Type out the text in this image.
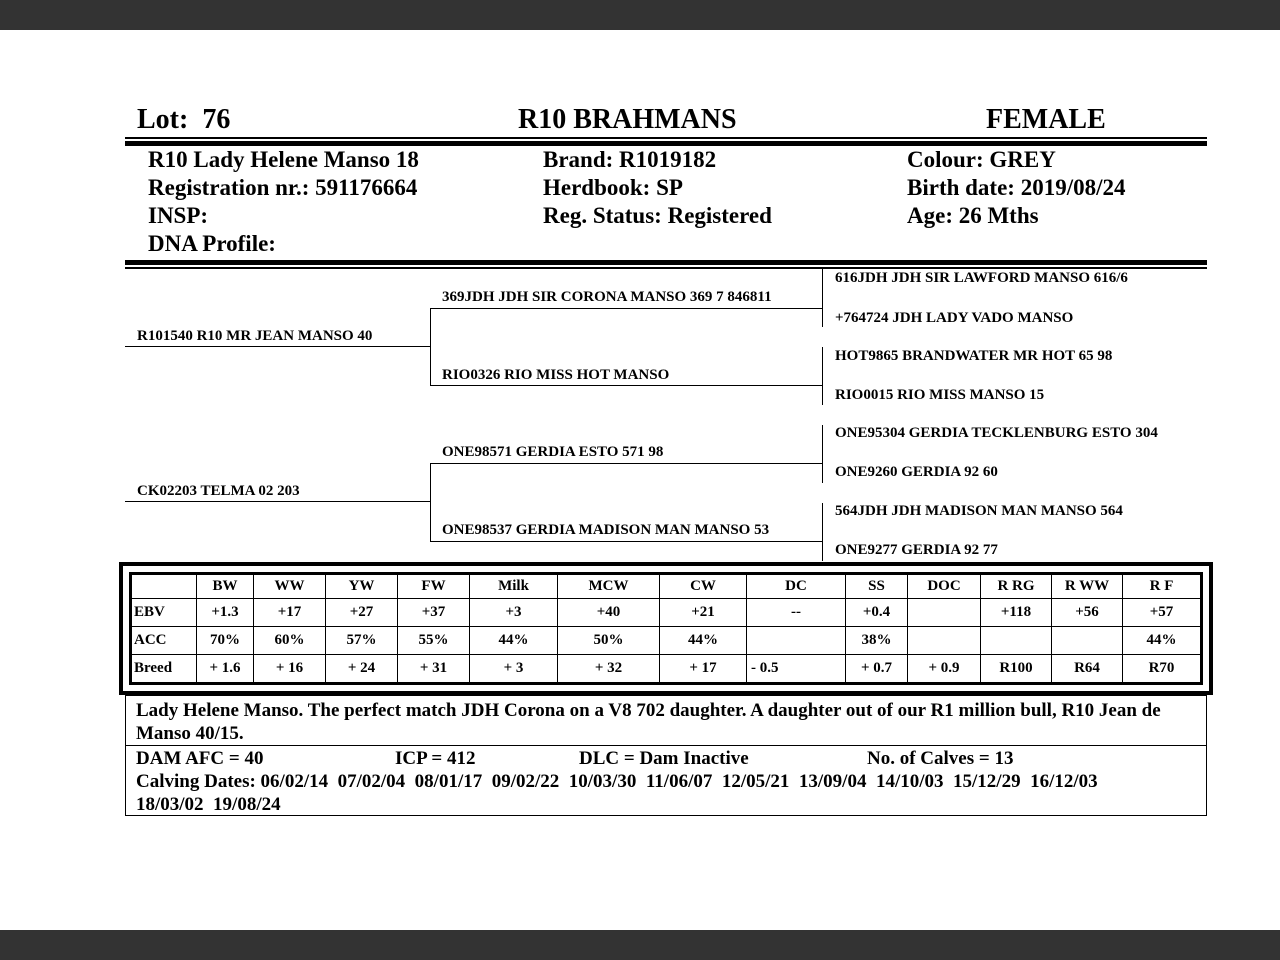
Lot: 76	R10 BRAHMANS	FEMALE
R10 Lady Helene Manso 18
Registration nr.: 591176664
INSP:
DNA Profile:
Brand: R1019182
Herdbook: SP
Reg. Status: Registered
Colour: GREY
Birth date: 2019/08/24
Age: 26 Mths
R101540 R10 MR JEAN MANSO 40
CK02203 TELMA 02 203
369JDH JDH SIR CORONA MANSO 369 7 846811
RIO0326 RIO MISS HOT MANSO
ONE98571 GERDIA ESTO 571 98
ONE98537 GERDIA MADISON MAN MANSO 53
616JDH JDH SIR LAWFORD MANSO 616/6
+764724 JDH LADY VADO MANSO
HOT9865 BRANDWATER MR HOT 65 98
RIO0015 RIO MISS MANSO 15
ONE95304 GERDIA TECKLENBURG ESTO 304
ONE9260 GERDIA 92 60
564JDH JDH MADISON MAN MANSO 564
ONE9277 GERDIA 92 77
	BW	WW	YW	FW	Milk	MCW	CW	DC	SS	DOC	R RG	R WW	R F
EBV	+1.3	+17	+27	+37	+3	+40	+21	--	+0.4		+118	+56	+57
ACC	70%	60%	57%	55%	44%	50%	44%		38%				44%
Breed	+ 1.6	+ 16	+ 24	+ 31	+ 3	+ 32	+ 17	- 0.5	+ 0.7	+ 0.9	R100	R64	R70
Lady Helene Manso. The perfect match JDH Corona on a V8 702 daughter. A daughter out of our R1 million bull, R10 Jean de Manso 40/15.
DAM AFC = 40	ICP = 412	DLC = Dam Inactive	No. of Calves = 13
Calving Dates: 06/02/14  07/02/04  08/01/17  09/02/22  10/03/30  11/06/07  12/05/21  13/09/04  14/10/03  15/12/29  16/12/03
18/03/02  19/08/24
